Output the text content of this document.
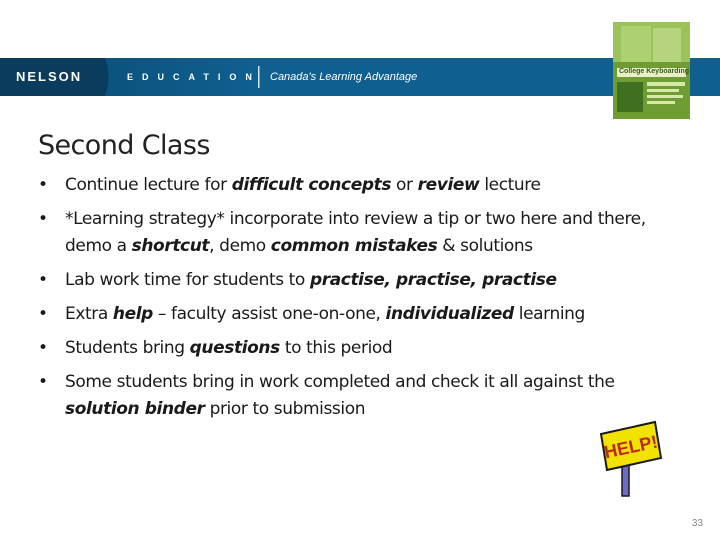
NELSON	EDUCATION Canada's Learning Advantage	College Keyboarding
Second Class
• Continue lecture for difficult concepts or review lecture
• *Learning strategy* incorporate into review a tip or two here and there, demo a shortcut, demo common mistakes & solutions
• Lab work time for students to practise, practise, practise
• Extra help – faculty assist one-on-one, individualized learning
• Students bring questions to this period
• Some students bring in work completed and check it all against the solution binder prior to submission
HELP!
33
